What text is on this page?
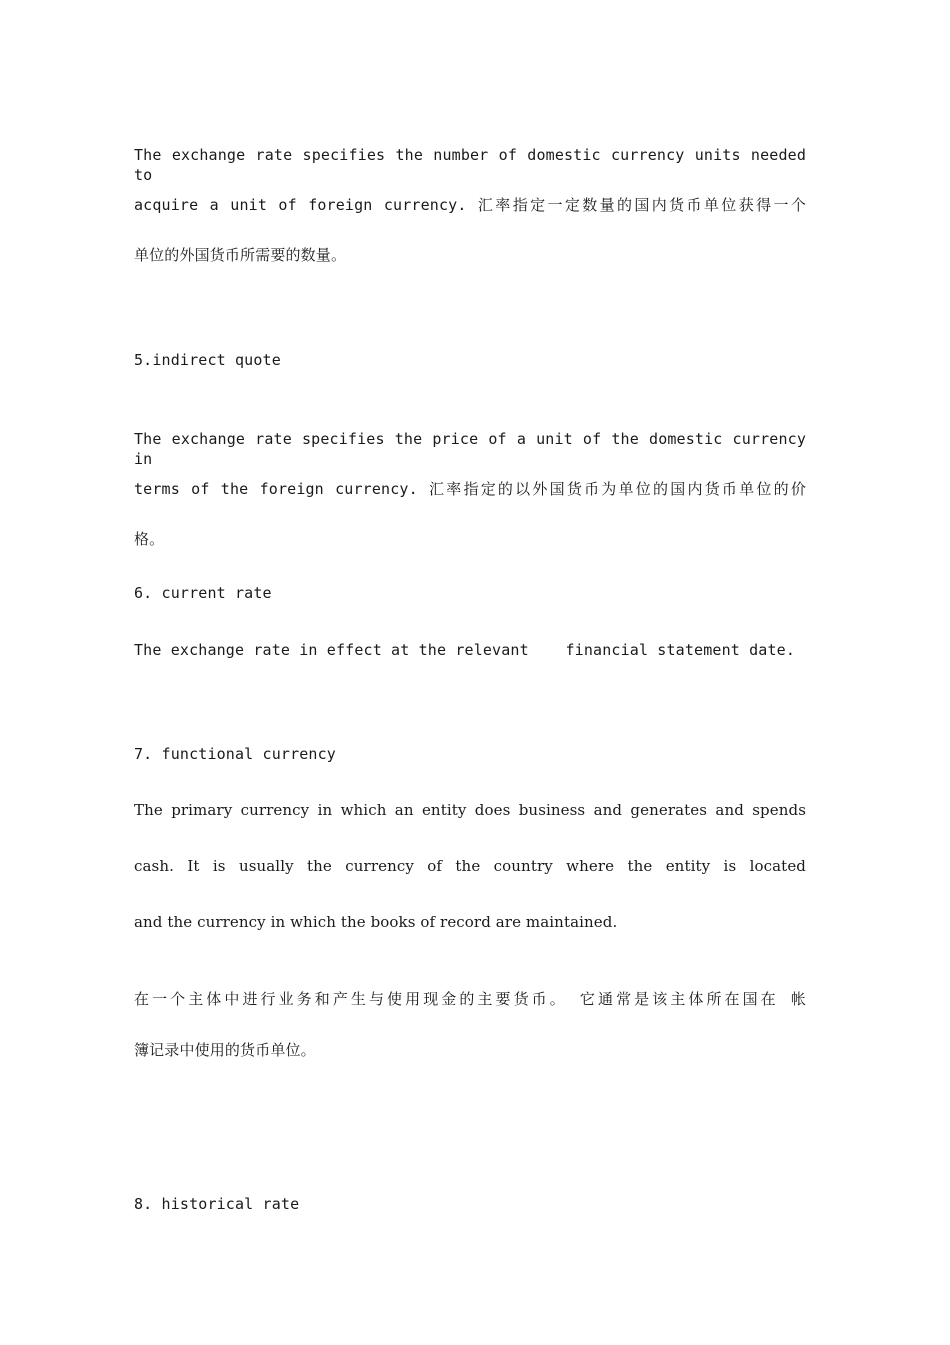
The exchange rate specifies the number of domestic currency units needed to
acquire a unit of foreign currency. 汇率指定一定数量的国内货币单位获得一个
单位的外国货币所需要的数量。
5.indirect quote
The exchange rate specifies the price of a unit of the domestic currency in
terms of the foreign currency. 汇率指定的以外国货币为单位的国内货币单位的价
格。
6. current rate
The exchange rate in effect at the relevant    financial statement date.
7. functional currency
The primary currency in which an entity does business and generates and spends
cash. It is usually the currency of the country where the entity is located
and the currency in which the books of record are maintained.
在一个主体中进行业务和产生与使用现金的主要货币。 它通常是该主体所在国在 帐
簿记录中使用的货币单位。
8. historical rate
